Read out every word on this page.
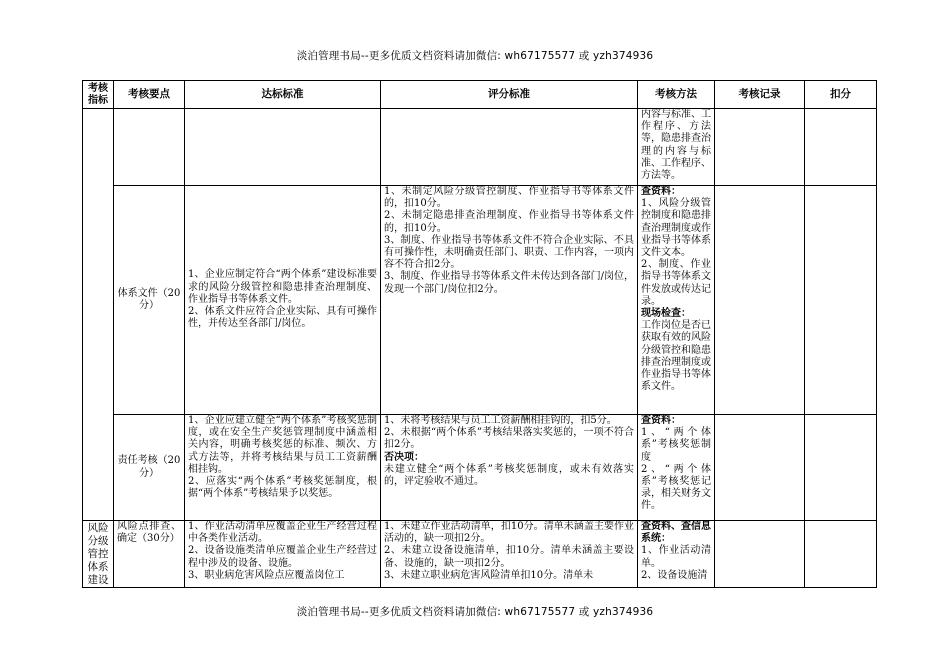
淡泊管理书局--更多优质文档资料请加微信: wh67175577 或 yzh374936
考核指标	考核要点	达标标准	评分标准	考核方法	考核记录	扣分

				内容与标准、工作程序、方法等，隐患排查治理的内容与标准、工作程序、方法等。		

	体系文件（20分）	1、企业应制定符合“两个体系”建设标准要求的风险分级管控和隐患排查治理制度、作业指导书等体系文件。
2、体系文件应符合企业实际、具有可操作性，并传达至各部门/岗位。	1、未制定风险分级管控制度、作业指导书等体系文件的，扣10分。
2、未制定隐患排查治理制度、作业指导书等体系文件的，扣10分。
3、制度、作业指导书等体系文件不符合企业实际、不具有可操作性，未明确责任部门、职责、工作内容，一项内容不符合扣2分。
3、制度、作业指导书等体系文件未传达到各部门/岗位，发现一个部门/岗位扣2分。	查资料：
1、风险分级管控制度和隐患排查治理制度或作业指导书等体系文件文本。
2、制度、作业指导书等体系文件发放或传达记录。
现场检查：
工作岗位是否已获取有效的风险分级管控和隐患排查治理制度或作业指导书等体系文件。		

	责任考核（20分）	1、企业应建立健全“两个体系”考核奖惩制度，或在安全生产奖惩管理制度中涵盖相关内容，明确考核奖惩的标准、频次、方式方法等，并将考核结果与员工工资薪酬相挂钩。
2、应落实“两个体系”考核奖惩制度，根据“两个体系”考核结果予以奖惩。	1、未将考核结果与员工工资薪酬相挂钩的，扣5分。
2、未根据“两个体系”考核结果落实奖惩的，一项不符合扣2分。
否决项：
未建立健全“两个体系”考核奖惩制度，或未有效落实的，评定验收不通过。	查资料：
1、“两个体系”考核奖惩制度
2、“两个体系”考核奖惩记录，相关财务文件。		

风险分级管控体系建设	风险点排查、确定（30分）	1、作业活动清单应覆盖企业生产经营过程中各类作业活动。
2、设备设施类清单应覆盖企业生产经营过程中涉及的设备、设施。
3、职业病危害风险点应覆盖岗位工	1、未建立作业活动清单，扣10分。清单未涵盖主要作业活动的，缺一项扣2分。
2、未建立设备设施清单，扣10分。清单未涵盖主要设备、设施的，缺一项扣2分。
3、未建立职业病危害风险清单扣10分。清单未	查资料、查信息系统：
1、作业活动清单。
2、设备设施清		

淡泊管理书局--更多优质文档资料请加微信: wh67175577 或 yzh374936
